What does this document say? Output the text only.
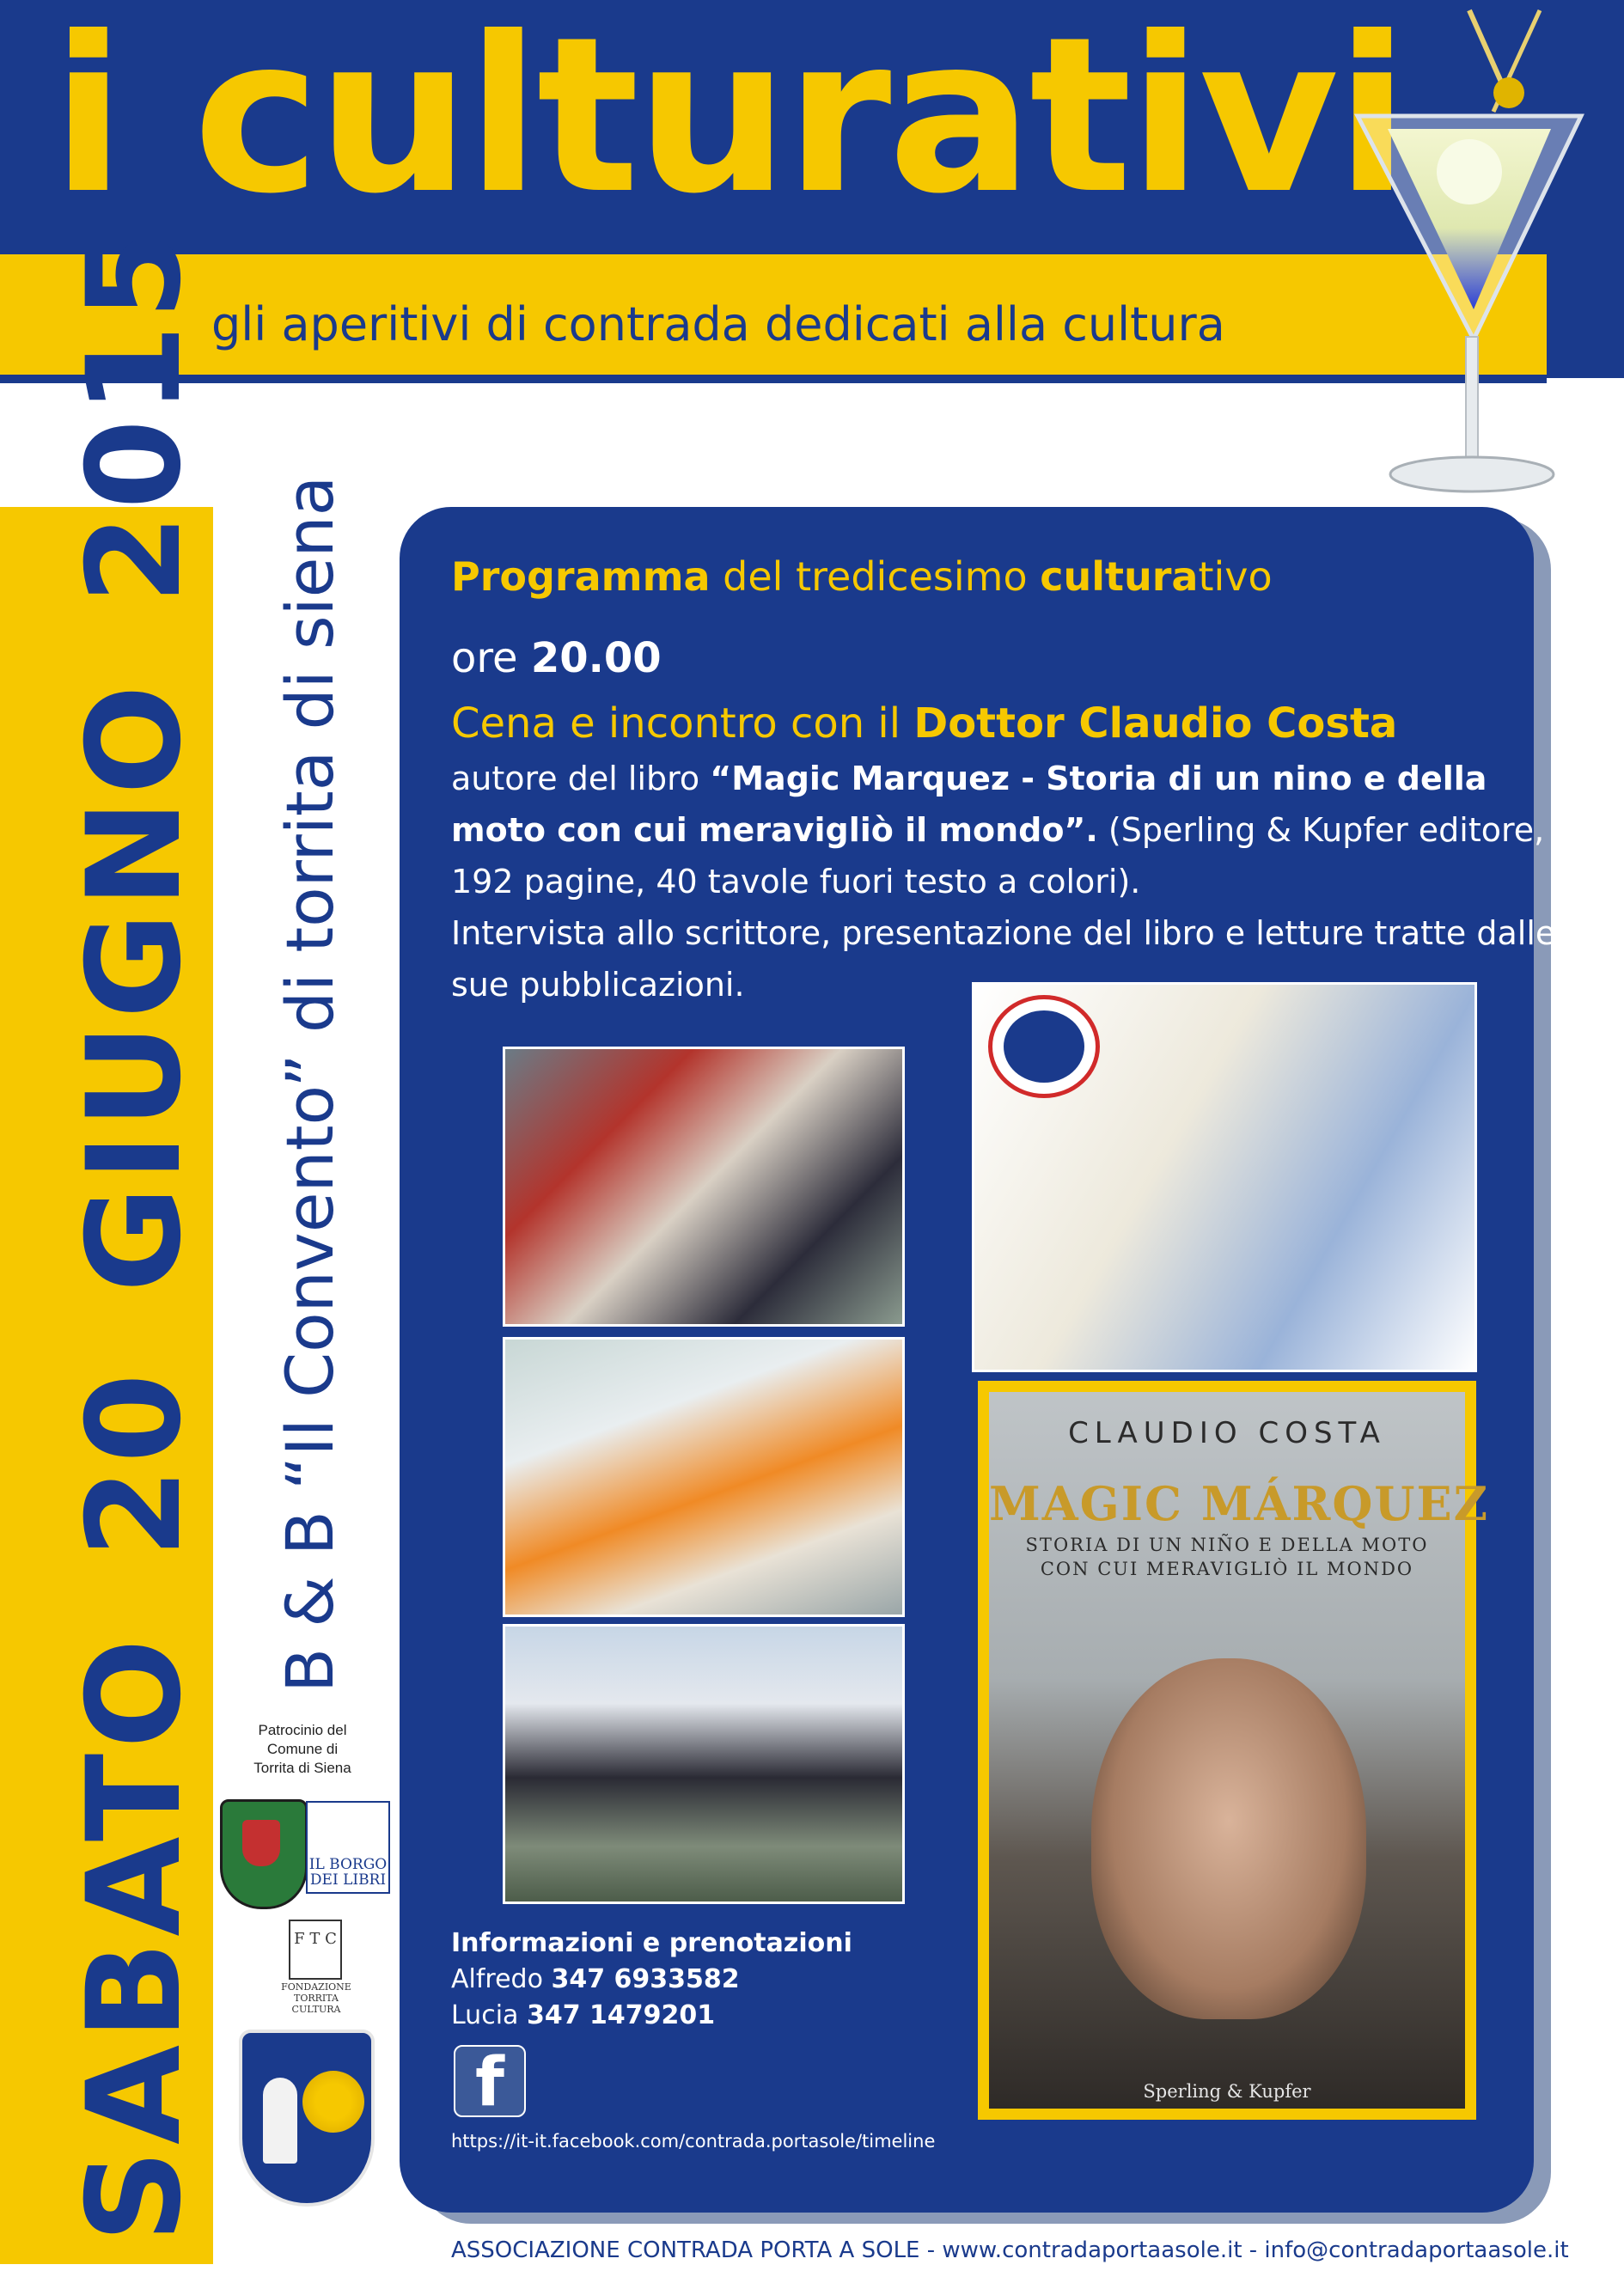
i culturativi
gli aperitivi di contrada dedicati alla cultura
SABATO 20 GIUGNO 2015 B & B “Il Convento” di torrita di siena	Programma del tredicesimo culturativo
ore 20.00
Cena e incontro con il Dottor Claudio Costa
autore del libro “Magic Marquez - Storia di un nino e della
moto con cui meravigliò il mondo”. (Sperling & Kupfer editore,
192 pagine, 40 tavole fuori testo a colori).
Intervista allo scrittore, presentazione del libro e letture tratte dalle
sue pubblicazioni.
CLAUDIO COSTA
MAGIC MÁRQUEZ
STORIA DI UN NIÑO E DELLA MOTO
CON CUI MERAVIGLIÒ IL MONDO
Sperling & Kupfer
Informazioni e prenotazioni
Alfredo 347 6933582
Lucia 347 1479201
f
https://it-it.facebook.com/contrada.portasole/timeline
Patrocinio del
Comune di
Torrita di Siena
IL BORGO
DEI LIBRI
F T C
FONDAZIONE
TORRITA
CULTURA
ASSOCIAZIONE CONTRADA PORTA A SOLE - www.contradaportaasole.it - info@contradaportaasole.it
